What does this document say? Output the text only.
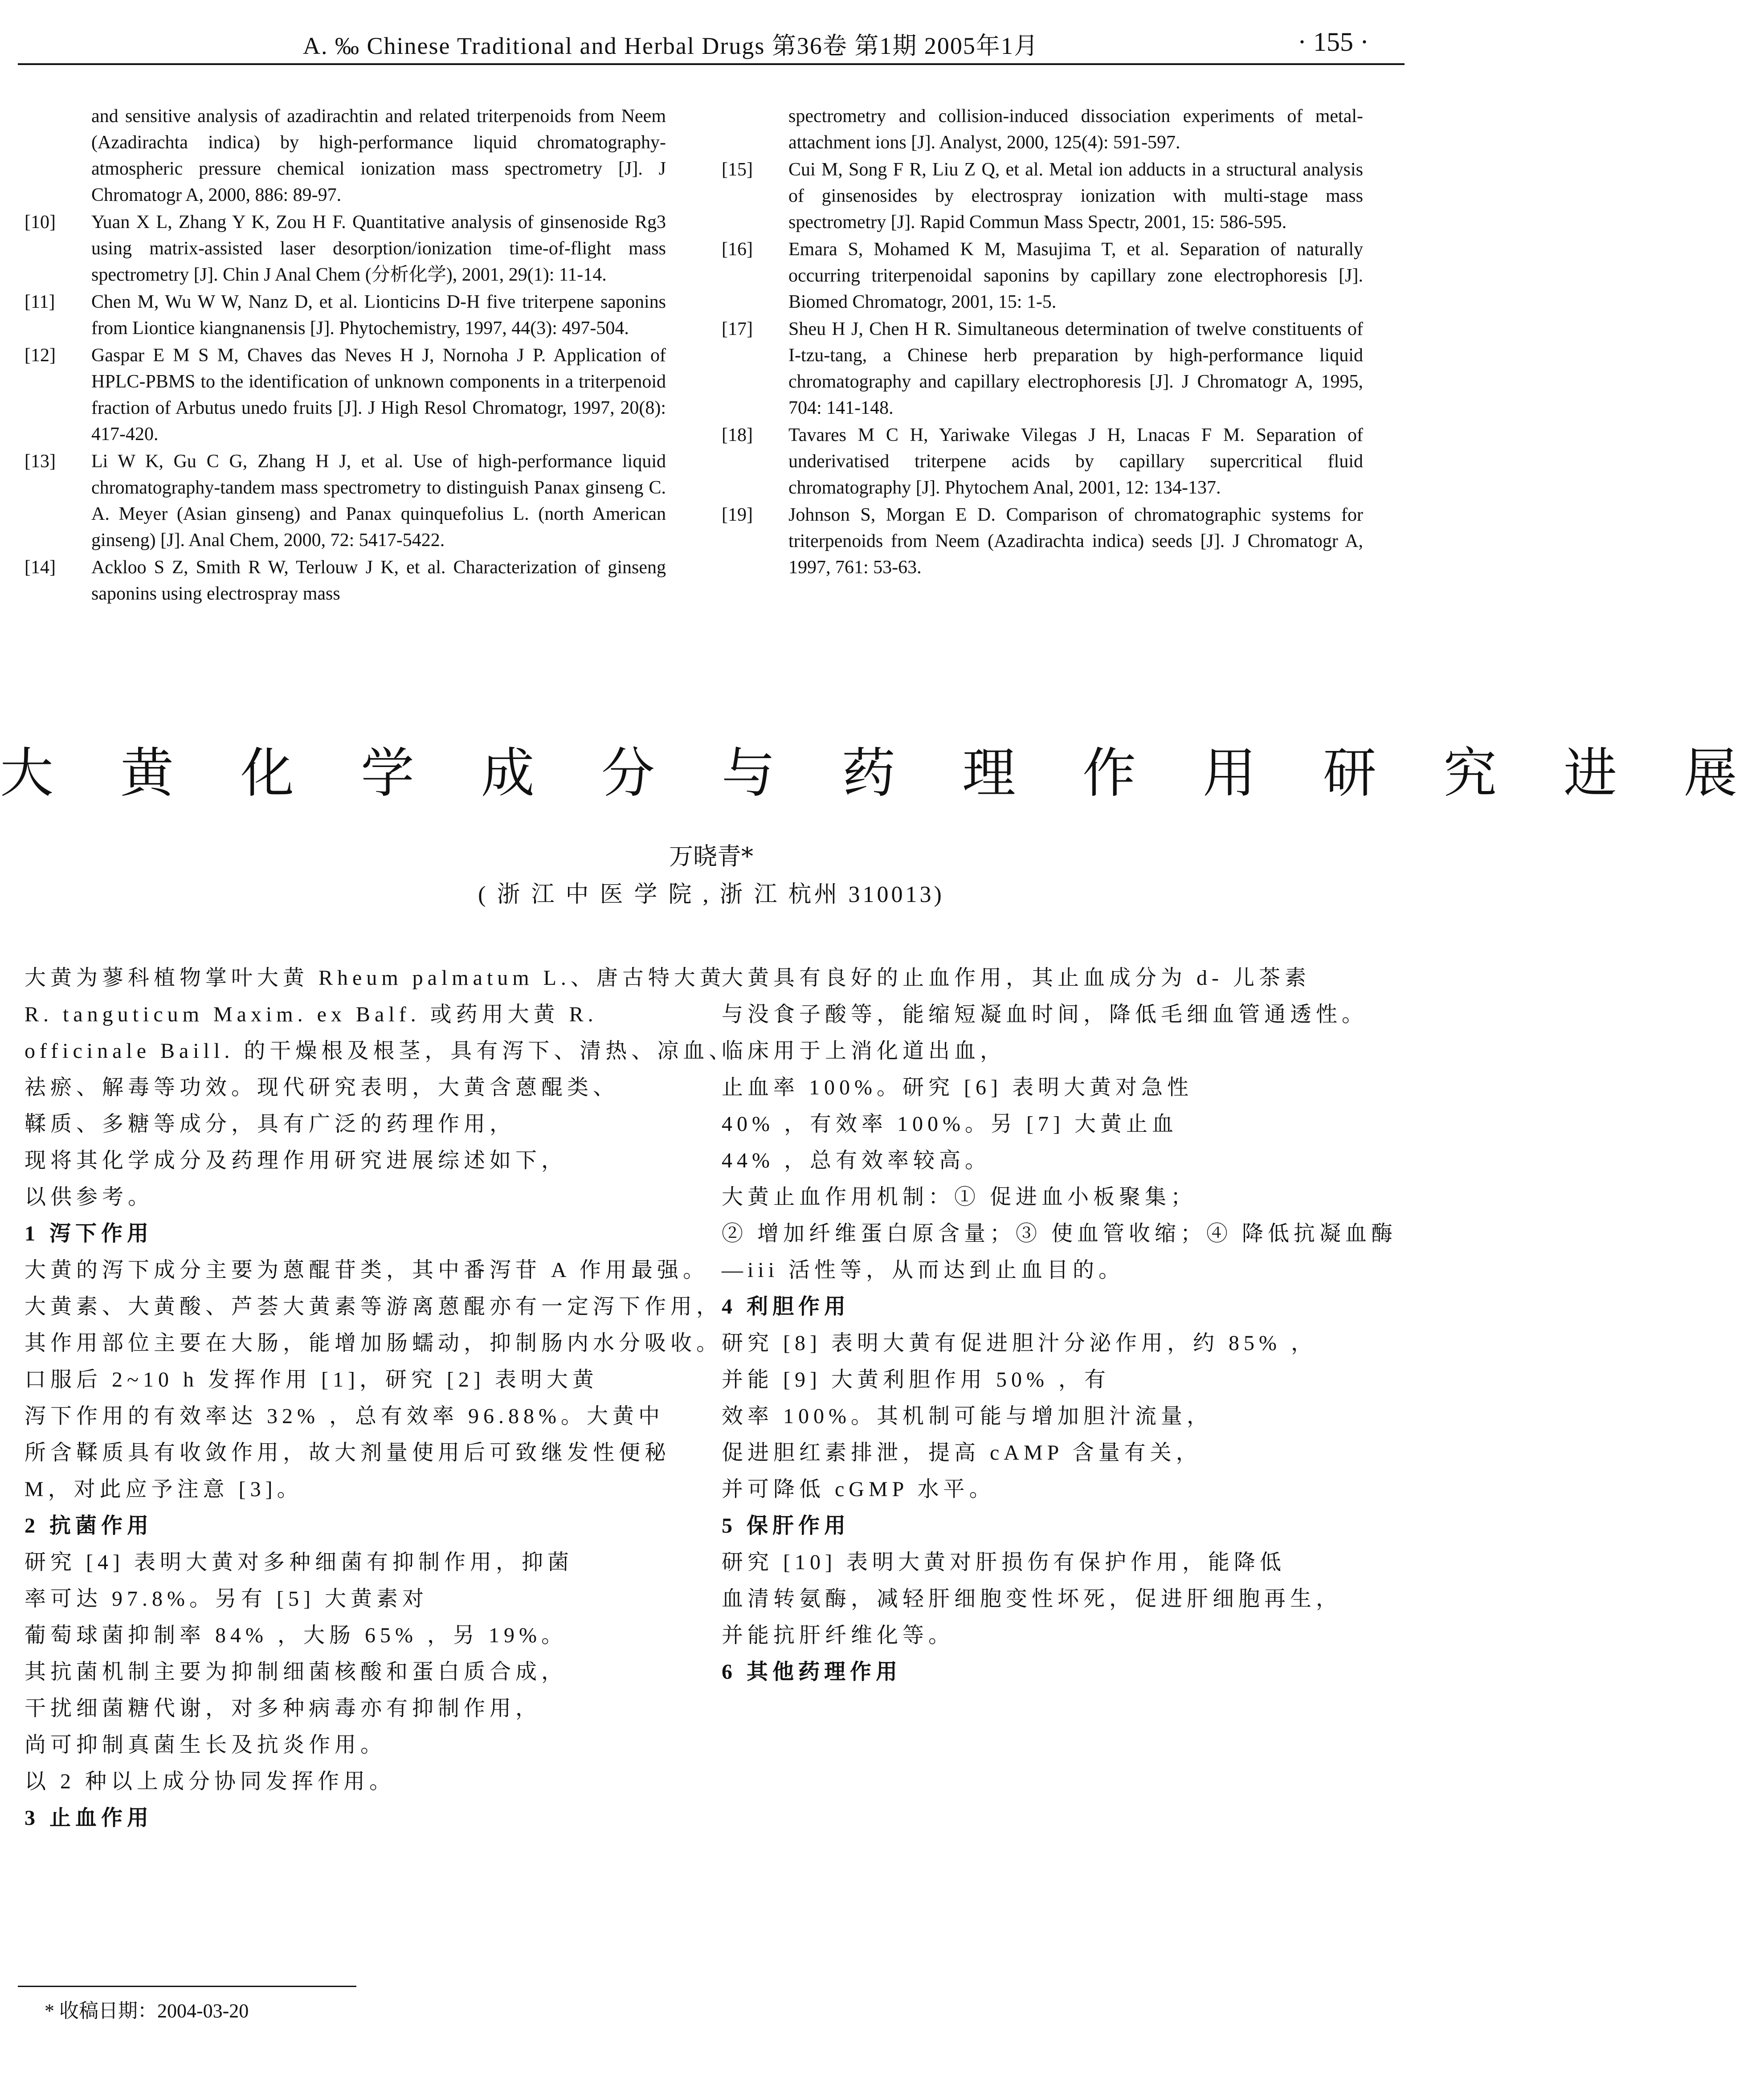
A. ‰ Chinese Traditional and Herbal Drugs 第36卷 第1期 2005年1月	· 155 ·
and sensitive analysis of azadirachtin and related triterpenoids from Neem (Azadirachta indica) by high-performance liquid chromatography-atmospheric pressure chemical ionization mass spectrometry [J]. J Chromatogr A, 2000, 886: 89-97.
[10] Yuan X L, Zhang Y K, Zou H F. Quantitative analysis of ginsenoside Rg3 using matrix-assisted laser desorption/ionization time-of-flight mass spectrometry [J]. Chin J Anal Chem (分析化学), 2001, 29(1): 11-14.
[11] Chen M, Wu W W, Nanz D, et al. Lionticins D-H five triterpene saponins from Liontice kiangnanensis [J]. Phytochemistry, 1997, 44(3): 497-504.
[12] Gaspar E M S M, Chaves das Neves H J, Nornoha J P. Application of HPLC-PBMS to the identification of unknown components in a triterpenoid fraction of Arbutus unedo fruits [J]. J High Resol Chromatogr, 1997, 20(8): 417-420.
[13] Li W K, Gu C G, Zhang H J, et al. Use of high-performance liquid chromatography-tandem mass spectrometry to distinguish Panax ginseng C. A. Meyer (Asian ginseng) and Panax quinquefolius L. (north American ginseng) [J]. Anal Chem, 2000, 72: 5417-5422.
[14] Ackloo S Z, Smith R W, Terlouw J K, et al. Characterization of ginseng saponins using electrospray mass
spectrometry and collision-induced dissociation experiments of metal-attachment ions [J]. Analyst, 2000, 125(4): 591-597.
[15] Cui M, Song F R, Liu Z Q, et al. Metal ion adducts in a structural analysis of ginsenosides by electrospray ionization with multi-stage mass spectrometry [J]. Rapid Commun Mass Spectr, 2001, 15: 586-595.
[16] Emara S, Mohamed K M, Masujima T, et al. Separation of naturally occurring triterpenoidal saponins by capillary zone electrophoresis [J]. Biomed Chromatogr, 2001, 15: 1-5.
[17] Sheu H J, Chen H R. Simultaneous determination of twelve constituents of I-tzu-tang, a Chinese herb preparation by high-performance liquid chromatography and capillary electrophoresis [J]. J Chromatogr A, 1995, 704: 141-148.
[18] Tavares M C H, Yariwake Vilegas J H, Lnacas F M. Separation of underivatised triterpene acids by capillary supercritical fluid chromatography [J]. Phytochem Anal, 2001, 12: 134-137.
[19] Johnson S, Morgan E D. Comparison of chromatographic systems for triterpenoids from Neem (Azadirachta indica) seeds [J]. J Chromatogr A, 1997, 761: 53-63.
大 黄 化 学 成 分 与 药 理 作 用 研 究 进 展
万晓青*
( 浙 江 中 医 学 院 , 浙 江 杭州 310013)
大黄为蓼科植物掌叶大黄 Rheum palmatum L.、唐古特大黄
R. tanguticum Maxim. ex Balf. 或药用大黄 R.
officinale Baill. 的干燥根及根茎，具有泻下、清热、凉血、
祛瘀、解毒等功效。现代研究表明，大黄含蒽醌类、
鞣质、多糖等成分，具有广泛的药理作用，
现将其化学成分及药理作用研究进展综述如下，
以供参考。
1 泻下作用
大黄的泻下成分主要为蒽醌苷类，其中番泻苷 A 作用最强。
大黄素、大黄酸、芦荟大黄素等游离蒽醌亦有一定泻下作用，
其作用部位主要在大肠，能增加肠蠕动，抑制肠内水分吸收。
口服后 2~10 h 发挥作用 [1]，研究 [2] 表明大黄
泻下作用的有效率达 32% ，总有效率 96.88%。大黄中
所含鞣质具有收敛作用，故大剂量使用后可致继发性便秘
M，对此应予注意 [3]。
2 抗菌作用
研究 [4] 表明大黄对多种细菌有抑制作用，抑菌
率可达 97.8%。另有 [5] 大黄素对
葡萄球菌抑制率 84% ，大肠 65% ，另 19%。
其抗菌机制主要为抑制细菌核酸和蛋白质合成，
干扰细菌糖代谢，对多种病毒亦有抑制作用，
尚可抑制真菌生长及抗炎作用。
以 2 种以上成分协同发挥作用。
3 止血作用
大黄具有良好的止血作用，其止血成分为 d- 儿茶素
与没食子酸等，能缩短凝血时间，降低毛细血管通透性。
临床用于上消化道出血，
止血率 100%。研究 [6] 表明大黄对急性
40% ，有效率 100%。另 [7] 大黄止血
44% ，总有效率较高。
大黄止血作用机制：① 促进血小板聚集；
② 增加纤维蛋白原含量；③ 使血管收缩；④ 降低抗凝血酶
—iii 活性等，从而达到止血目的。
4 利胆作用
研究 [8] 表明大黄有促进胆汁分泌作用，约 85% ，
并能 [9] 大黄利胆作用 50% ，有
效率 100%。其机制可能与增加胆汁流量，
促进胆红素排泄，提高 cAMP 含量有关，
并可降低 cGMP 水平。
5 保肝作用
研究 [10] 表明大黄对肝损伤有保护作用，能降低
血清转氨酶，减轻肝细胞变性坏死，促进肝细胞再生，
并能抗肝纤维化等。
6 其他药理作用
* 收稿日期：2004-03-20
